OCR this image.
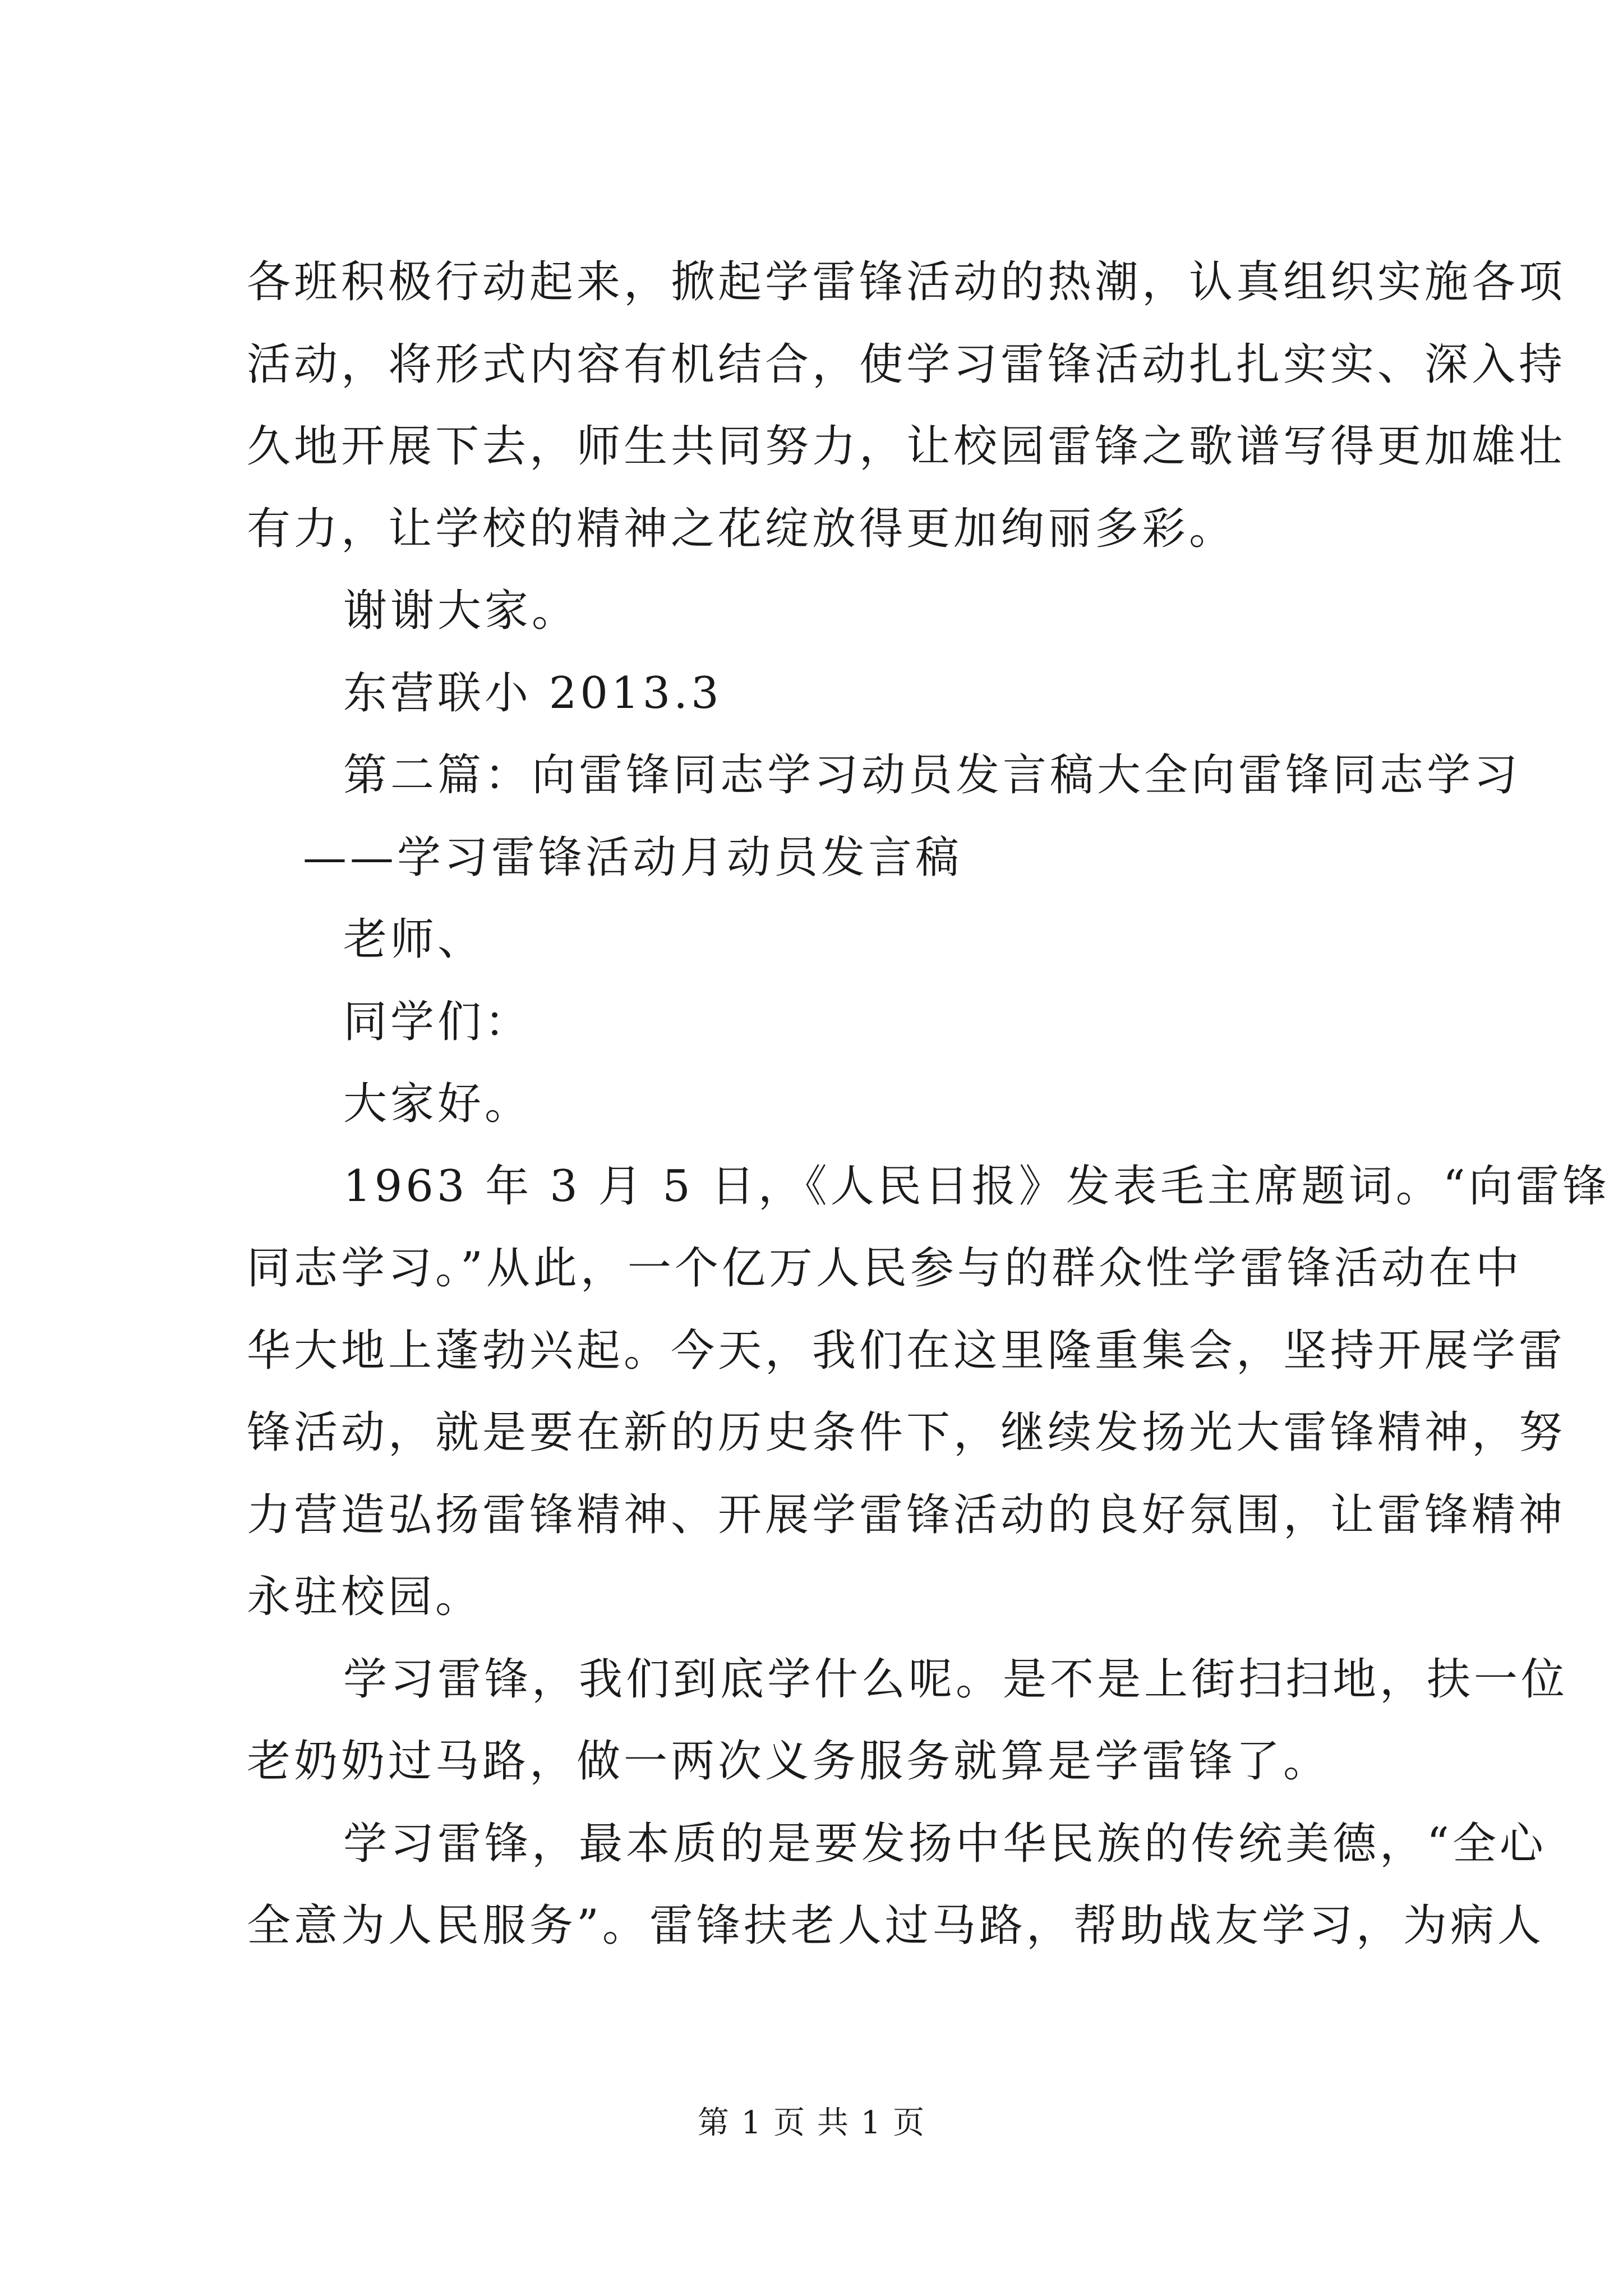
各班积极行动起来，掀起学雷锋活动的热潮，认真组织实施各项

活动，将形式内容有机结合，使学习雷锋活动扎扎实实、深入持

久地开展下去，师生共同努力，让校园雷锋之歌谱写得更加雄壮

有力，让学校的精神之花绽放得更加绚丽多彩。

谢谢大家。

东营联小 2013.3

第二篇：向雷锋同志学习动员发言稿大全向雷锋同志学习

——学习雷锋活动月动员发言稿

老师、

同学们：

大家好。

1963 年 3 月 5 日，《人民日报》发表毛主席题词。“向雷锋

同志学习。”从此，一个亿万人民参与的群众性学雷锋活动在中

华大地上蓬勃兴起。今天，我们在这里隆重集会，坚持开展学雷

锋活动，就是要在新的历史条件下，继续发扬光大雷锋精神，努

力营造弘扬雷锋精神、开展学雷锋活动的良好氛围，让雷锋精神

永驻校园。

学习雷锋，我们到底学什么呢。是不是上街扫扫地，扶一位

老奶奶过马路，做一两次义务服务就算是学雷锋了。

学习雷锋，最本质的是要发扬中华民族的传统美德，“全心

全意为人民服务”。雷锋扶老人过马路，帮助战友学习，为病人

第 1 页 共 1 页
